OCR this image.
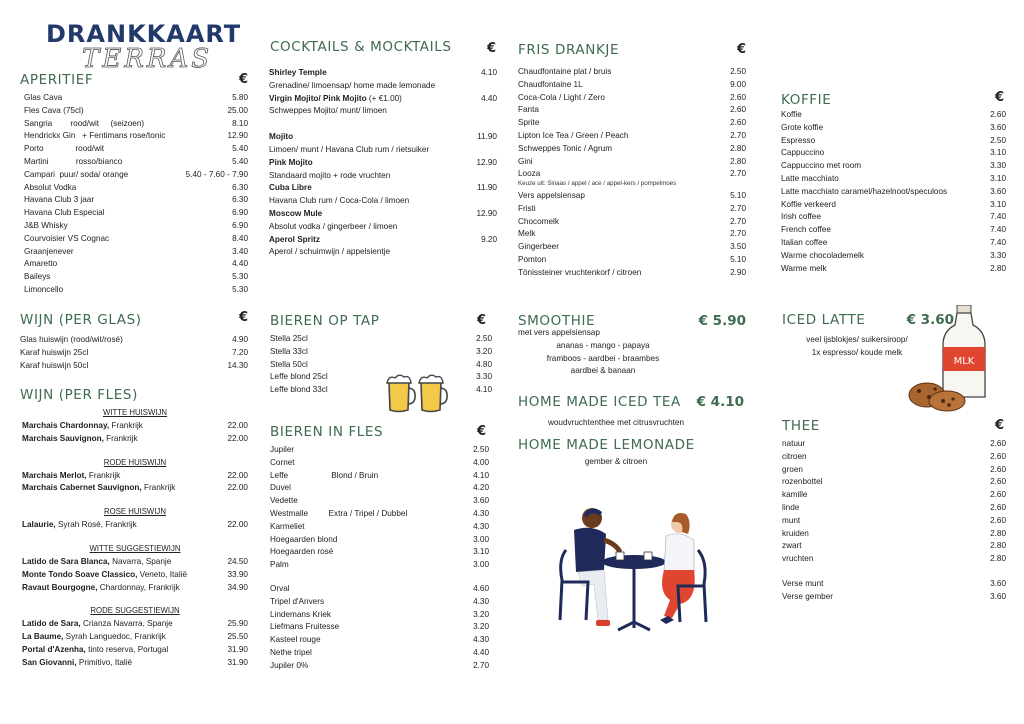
DRANKKAART
TERRAS
APERITIEF	€
Glas Cava	5.80
Fles Cava (75cl)	25.00
Sangria        rood/wit     (seizoen)	8.10
Hendrickx Gin   + Fentimans rose/tonic	12.90
Porto              rood/wit	5.40
Martini            rosso/bianco	5.40
Campari  puur/ soda/ orange	5.40 - 7.60 - 7.90
Absolut Vodka	6.30
Havana Club 3 jaar	6.30
Havana Club Especial	6.90
J&B Whisky	6.90
Courvoisier VS Cognac	8.40
Graanjenever	3.40
Amaretto	4.40
Baileys	5.30
Limoncello	5.30
WIJN (PER GLAS)	€
Glas huiswijn (rood/wit/rosé)	4.90
Karaf huiswijn 25cl	7.20
Karaf huiswijn 50cl	14.30
WIJN (PER FLES)
WITTE HUISWIJN
Marchais Chardonnay, Frankrijk	22.00
Marchais Sauvignon, Frankrijk	22.00
RODE HUISWIJN
Marchais Merlot, Frankrijk	22.00
Marchais Cabernet Sauvignon, Frankrijk	22.00
ROSE HUISWIJN
Lalaurie, Syrah Rosé, Frankrijk	22.00
WITTE SUGGESTIEWIJN
Latido de Sara Blanca, Navarra, Spanje	24.50
Monte Tondo Soave Classico, Veneto, Italië	33.90
Ravaut Bourgogne, Chardonnay, Frankrijk	34.90
RODE SUGGESTIEWIJN
Latido de Sara, Crianza Navarra, Spanje	25.90
La Baume, Syrah Languedoc, Frankrijk	25.50
Portal d'Azenha, tinto reserva, Portugal	31.90
San Giovanni, Primitivo, Italië	31.90
COCKTAILS & MOCKTAILS	€
Shirley Temple	4.10
Grenadine/ limoensap/ home made lemonade
Virgin Mojito/ Pink Mojito (+ €1.00)	4.40
Schweppes Mojito/ munt/ limoen
Mojito	11.90
Limoen/ munt / Havana Club rum / rietsuiker
Pink Mojito	12.90
Standaard mojito + rode vruchten
Cuba Libre	11.90
Havana Club rum / Coca-Cola / limoen
Moscow Mule	12.90
Absolut vodka / gingerbeer / limoen
Aperol Spritz	9.20
Aperol / schuimwijn / appelsientje
BIEREN OP TAP	€
Stella 25cl	2.50
Stella 33cl	3.20
Stella 50cl	4.80
Leffe blond 25cl	3.30
Leffe blond 33cl	4.10
BIEREN IN FLES	€
Jupiler	2.50
Cornet	4.00
Leffe                   Blond / Bruin	4.10
Duvel	4.20
Vedette	3.60
Westmalle         Extra / Tripel / Dubbel	4.30
Karmeliet	4.30
Hoegaarden blond	3.00
Hoegaarden rosé	3.10
Palm	3.00
Orval	4.60
Tripel d'Anvers	4.30
Lindemans Kriek	3.20
Liefmans Fruitesse	3.20
Kasteel rouge	4.30
Nethe tripel	4.40
Jupiler 0%	2.70
FRIS DRANKJE	€
Chaudfontaine plat / bruis	2.50
Chaudfontaine 1L	9.00
Coca-Cola / Light / Zero	2.60
Fanta	2.60
Sprite	2.60
Lipton Ice Tea / Green / Peach	2.70
Schweppes Tonic / Agrum	2.80
Gini	2.80
Looza	2.70
Keuze uit: Sinaas / appel / ace / appel-kers / pompelmoes
Vers appelsiensap	5.10
Fristi	2.70
Chocomelk	2.70
Melk	2.70
Gingerbeer	3.50
Pomton	5.10
Tönissteiner vruchtenkorf / citroen	2.90
SMOOTHIE	€ 5.90
met vers appelsiensap
ananas - mango - papaya
framboos - aardbei - braambes
aardbei & banaan
HOME MADE ICED TEA	€ 4.10
woudvruchtenthee met citrusvruchten
HOME MADE LEMONADE
gember & citroen
KOFFIE	€
Koffie	2.60
Grote koffie	3.60
Espresso	2.50
Cappuccino	3.10
Cappuccino met room	3.30
Latte macchiato	3.10
Latte macchiato caramel/hazelnoot/speculoos	3.60
Koffie verkeerd	3.10
Irish coffee	7.40
French coffee	7.40
Italian coffee	7.40
Warme chocolademelk	3.30
Warme melk	2.80
ICED LATTE	€ 3.60
veel ijsblokjes/ suikersiroop/
1x espresso/ koude melk
MLK
THEE	€
natuur	2.60
citroen	2.60
groen	2.60
rozenbottel	2.60
kamille	2.60
linde	2.60
munt	2.60
kruiden	2.80
zwart	2.80
vruchten	2.80
Verse munt	3.60
Verse gember	3.60
